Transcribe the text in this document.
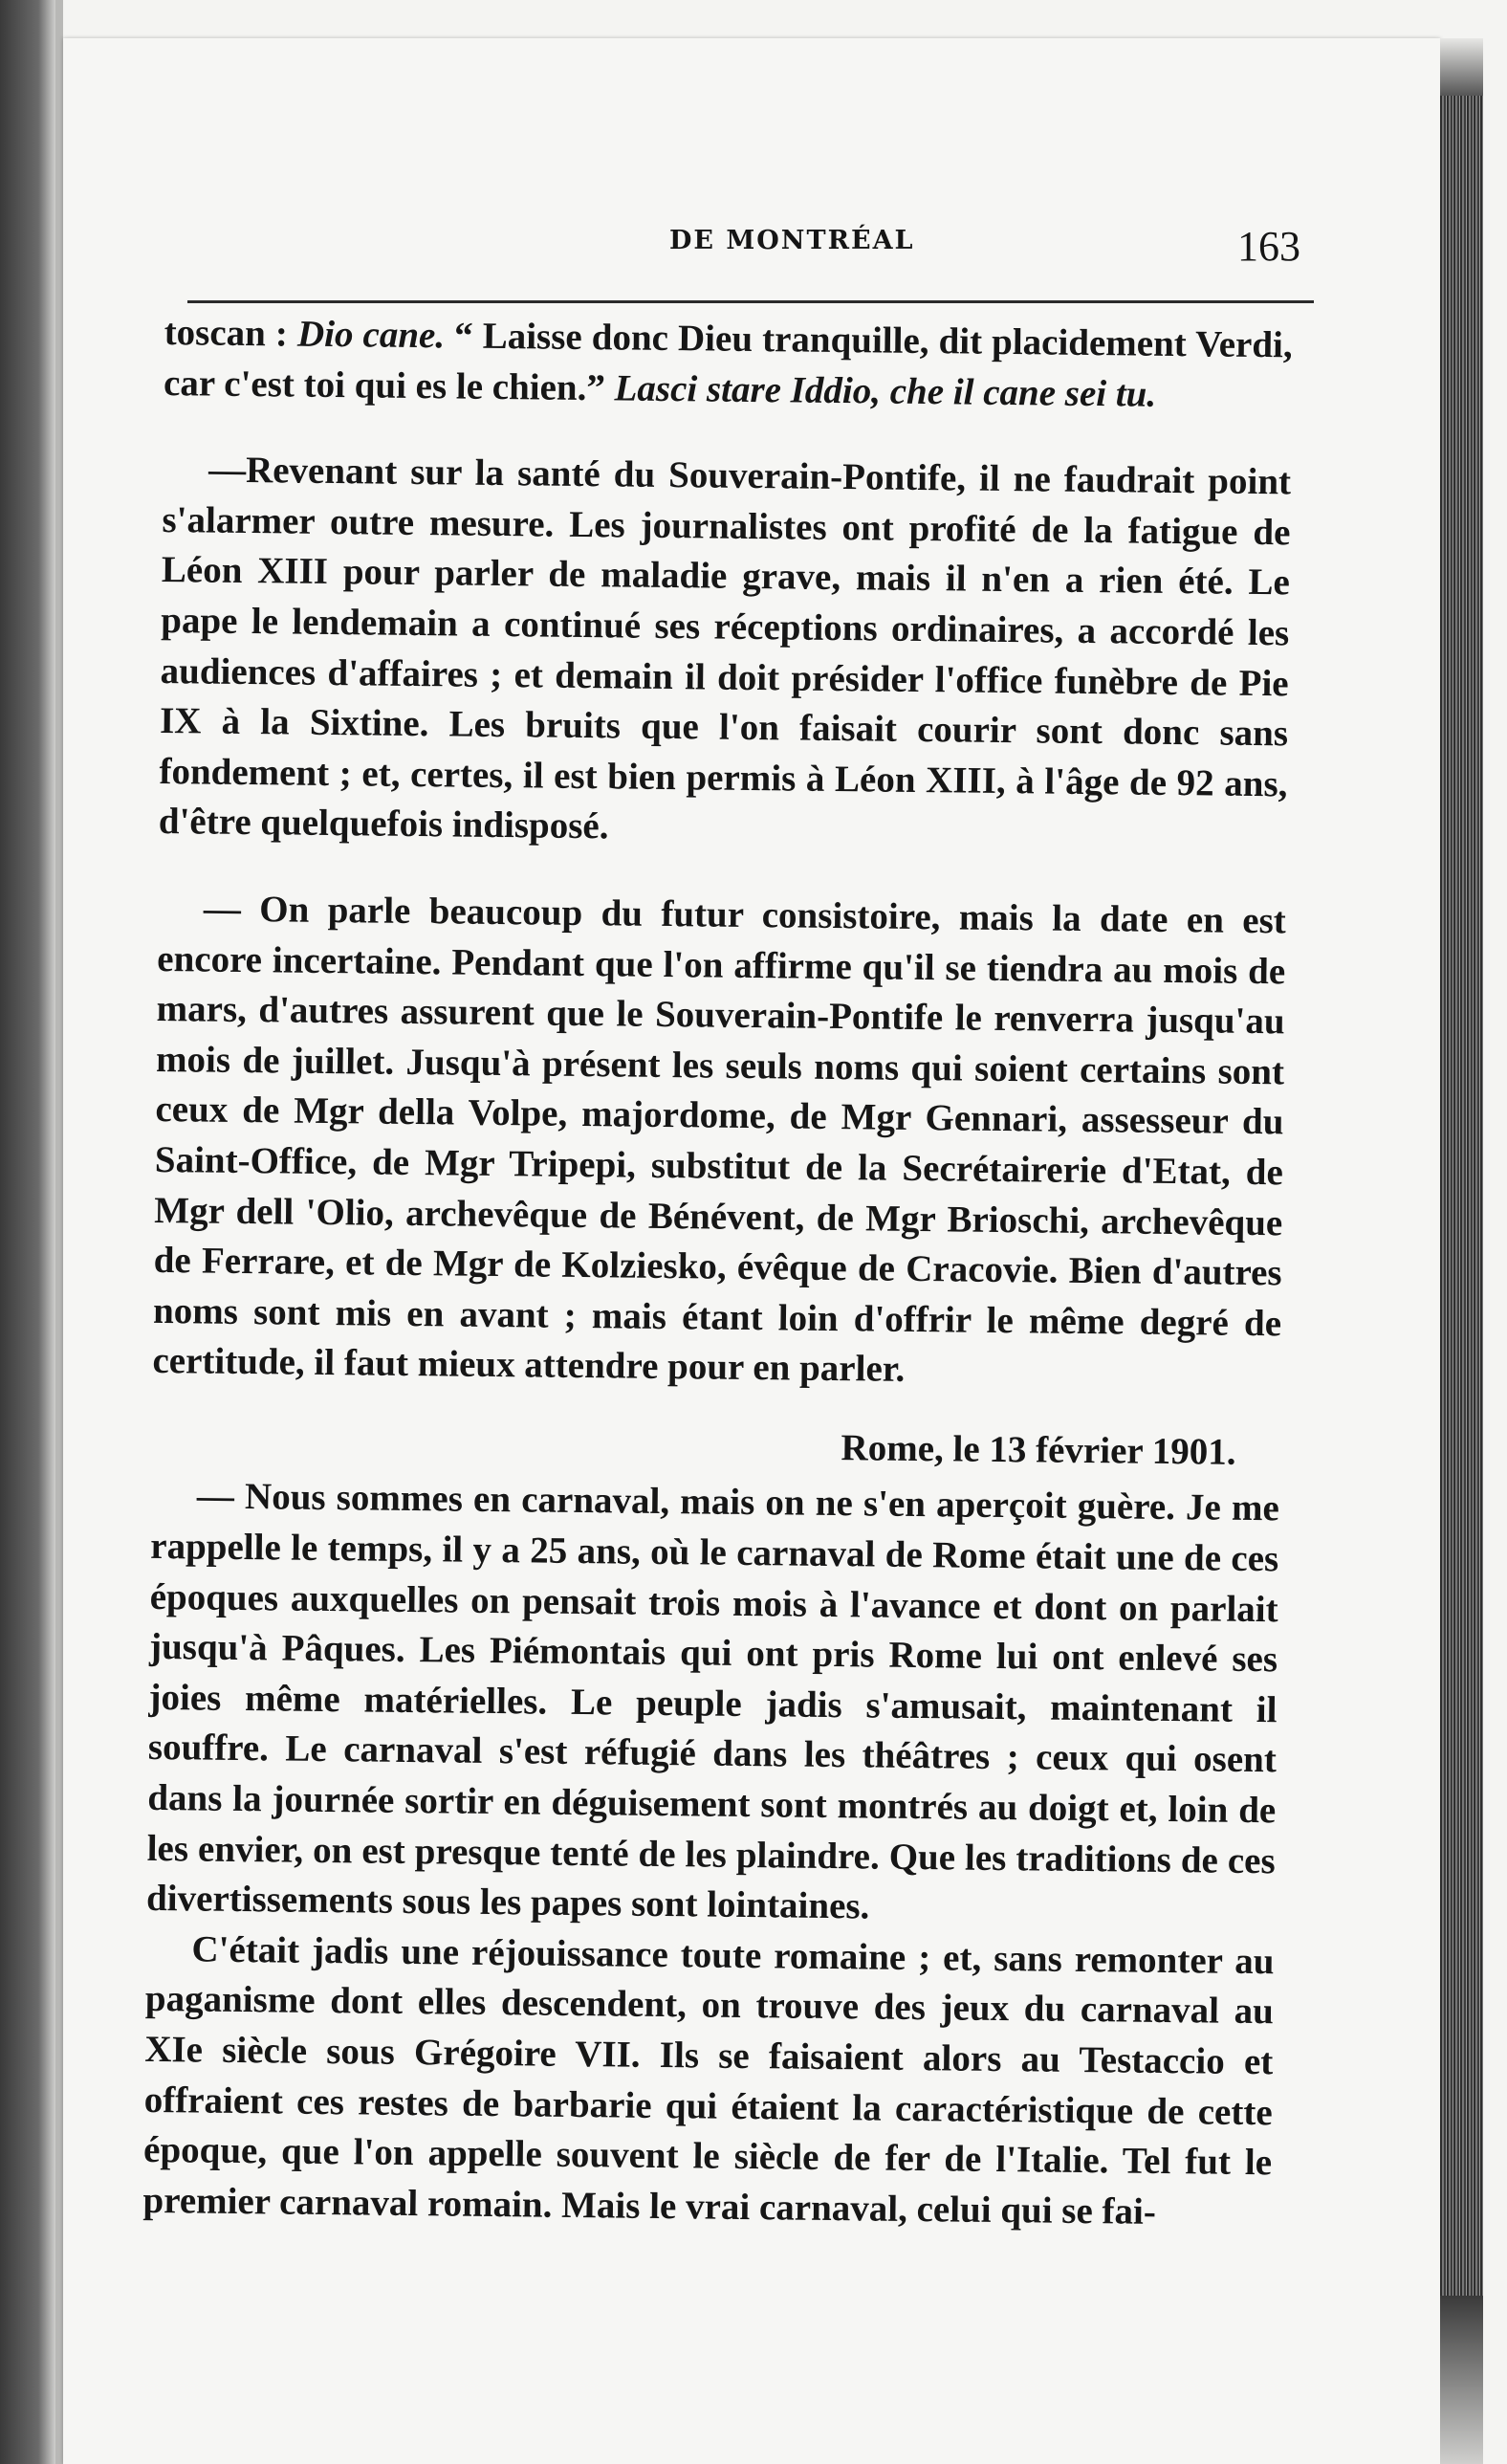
DE MONTRÉAL	163

toscan : Dio cane. “ Laisse donc Dieu tranquille, dit placidement Verdi, car c'est toi qui es le chien.” Lasci stare Iddio, che il cane sei tu.

—Revenant sur la santé du Souverain-Pontife, il ne faudrait point s'alarmer outre mesure. Les journalistes ont profité de la fatigue de Léon XIII pour parler de maladie grave, mais il n'en a rien été. Le pape le lendemain a continué ses réceptions ordinaires, a accordé les audiences d'affaires ; et demain il doit présider l'office funèbre de Pie IX à la Sixtine. Les bruits que l'on faisait courir sont donc sans fondement ; et, certes, il est bien permis à Léon XIII, à l'âge de 92 ans, d'être quelquefois indisposé.

— On parle beaucoup du futur consistoire, mais la date en est encore incertaine. Pendant que l'on affirme qu'il se tiendra au mois de mars, d'autres assurent que le Souverain-Pontife le renverra jusqu'au mois de juillet. Jusqu'à présent les seuls noms qui soient certains sont ceux de Mgr della Volpe, majordome, de Mgr Gennari, assesseur du Saint-Office, de Mgr Tripepi, substitut de la Secrétairerie d'Etat, de Mgr dell 'Olio, archevêque de Bénévent, de Mgr Brioschi, archevêque de Ferrare, et de Mgr de Kolziesko, évêque de Cracovie. Bien d'autres noms sont mis en avant ; mais étant loin d'offrir le même degré de certitude, il faut mieux attendre pour en parler.

Rome, le 13 février 1901.

— Nous sommes en carnaval, mais on ne s'en aperçoit guère. Je me rappelle le temps, il y a 25 ans, où le carnaval de Rome était une de ces époques auxquelles on pensait trois mois à l'avance et dont on parlait jusqu'à Pâques. Les Piémontais qui ont pris Rome lui ont enlevé ses joies même matérielles. Le peuple jadis s'amusait, maintenant il souffre. Le carnaval s'est réfugié dans les théâtres ; ceux qui osent dans la journée sortir en déguisement sont montrés au doigt et, loin de les envier, on est presque tenté de les plaindre. Que les traditions de ces divertissements sous les papes sont lointaines.

C'était jadis une réjouissance toute romaine ; et, sans remonter au paganisme dont elles descendent, on trouve des jeux du carnaval au XIe siècle sous Grégoire VII. Ils se faisaient alors au Testaccio et offraient ces restes de barbarie qui étaient la caractéristique de cette époque, que l'on appelle souvent le siècle de fer de l'Italie. Tel fut le premier carnaval romain. Mais le vrai carnaval, celui qui se fai-
